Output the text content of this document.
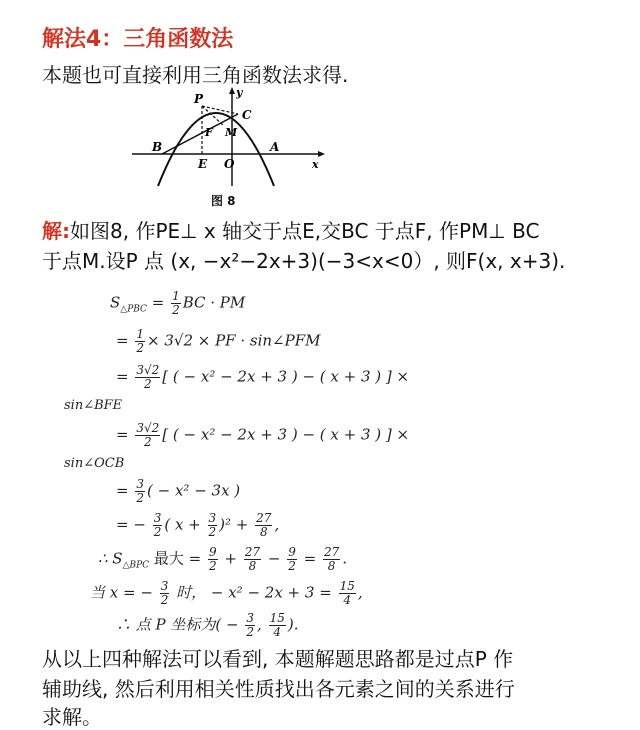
解法4：三角函数法
本题也可直接利用三角函数法求得.
P
C
F M
B
E O
A
x
y
图 8
解:如图8, 作PE⊥ x 轴交于点E,交BC 于点F, 作PM⊥ BC
于点M.设P 点 (x, −x²−2x+3)(−3<x<0）, 则F(x, x+3).
$S_{\triangle PBC} = \frac{1}{2}$ BC · PM
= $\frac{1}{2} \times 3√2$ × PF · sin∠PFM
= $\frac{3√2}{2}$ [ ( − x² − 2x + 3 ) − ( x + 3 ) ] ×
sin∠BFE
= $\frac{3√2}{2}$ [ ( − x² − 2x + 3 ) − ( x + 3 ) ] ×
sin∠OCB
= $\frac{3}{2}$ ( − x² − 3x )
= − $\frac{3}{2}$ ( $x + \frac{3}{2} )^2 + \frac{27}{8}$ ,
∴ $S_{\triangle BPC}$ 最大 = $\frac{9}{2} + \frac{27}{8} - \frac{9}{2} = \frac{27}{8}$ .
当 x = − $\frac{3}{2}$ 时， − $x^2 - 2x + 3 = \frac{15}{4}$ ,
∴ 点 P 坐标为( − $\frac{3}{2}$ , $\frac{15}{4}$ ).
从以上四种解法可以看到, 本题解题思路都是过点P 作
辅助线, 然后利用相关性质找出各元素之间的关系进行
求解。
